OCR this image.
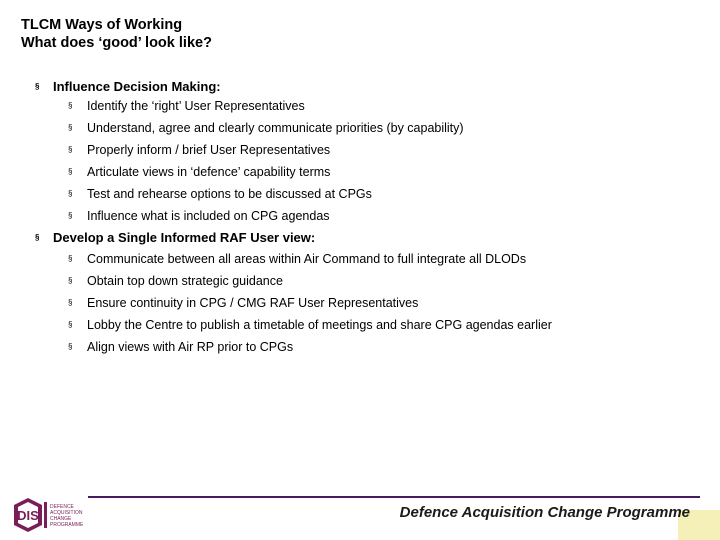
TLCM Ways of Working
What does ‘good’ look like?
§ Influence Decision Making:
§ Identify the ‘right’ User Representatives
§ Understand, agree and clearly communicate priorities (by capability)
§ Properly inform / brief User Representatives
§ Articulate views in ‘defence’ capability terms
§ Test and rehearse options to be discussed at CPGs
§ Influence what is included on CPG agendas
§ Develop a Single Informed RAF User view:
§ Communicate between all areas within Air Command to full integrate all DLODs
§ Obtain top down strategic guidance
§ Ensure continuity in CPG / CMG RAF User Representatives
§ Lobby the Centre to publish a timetable of meetings and share CPG agendas earlier
§ Align views with Air RP prior to CPGs
DIS
DEFENCE
ACQUISITION
CHANGE
PROGRAMME
Defence Acquisition Change Programme
